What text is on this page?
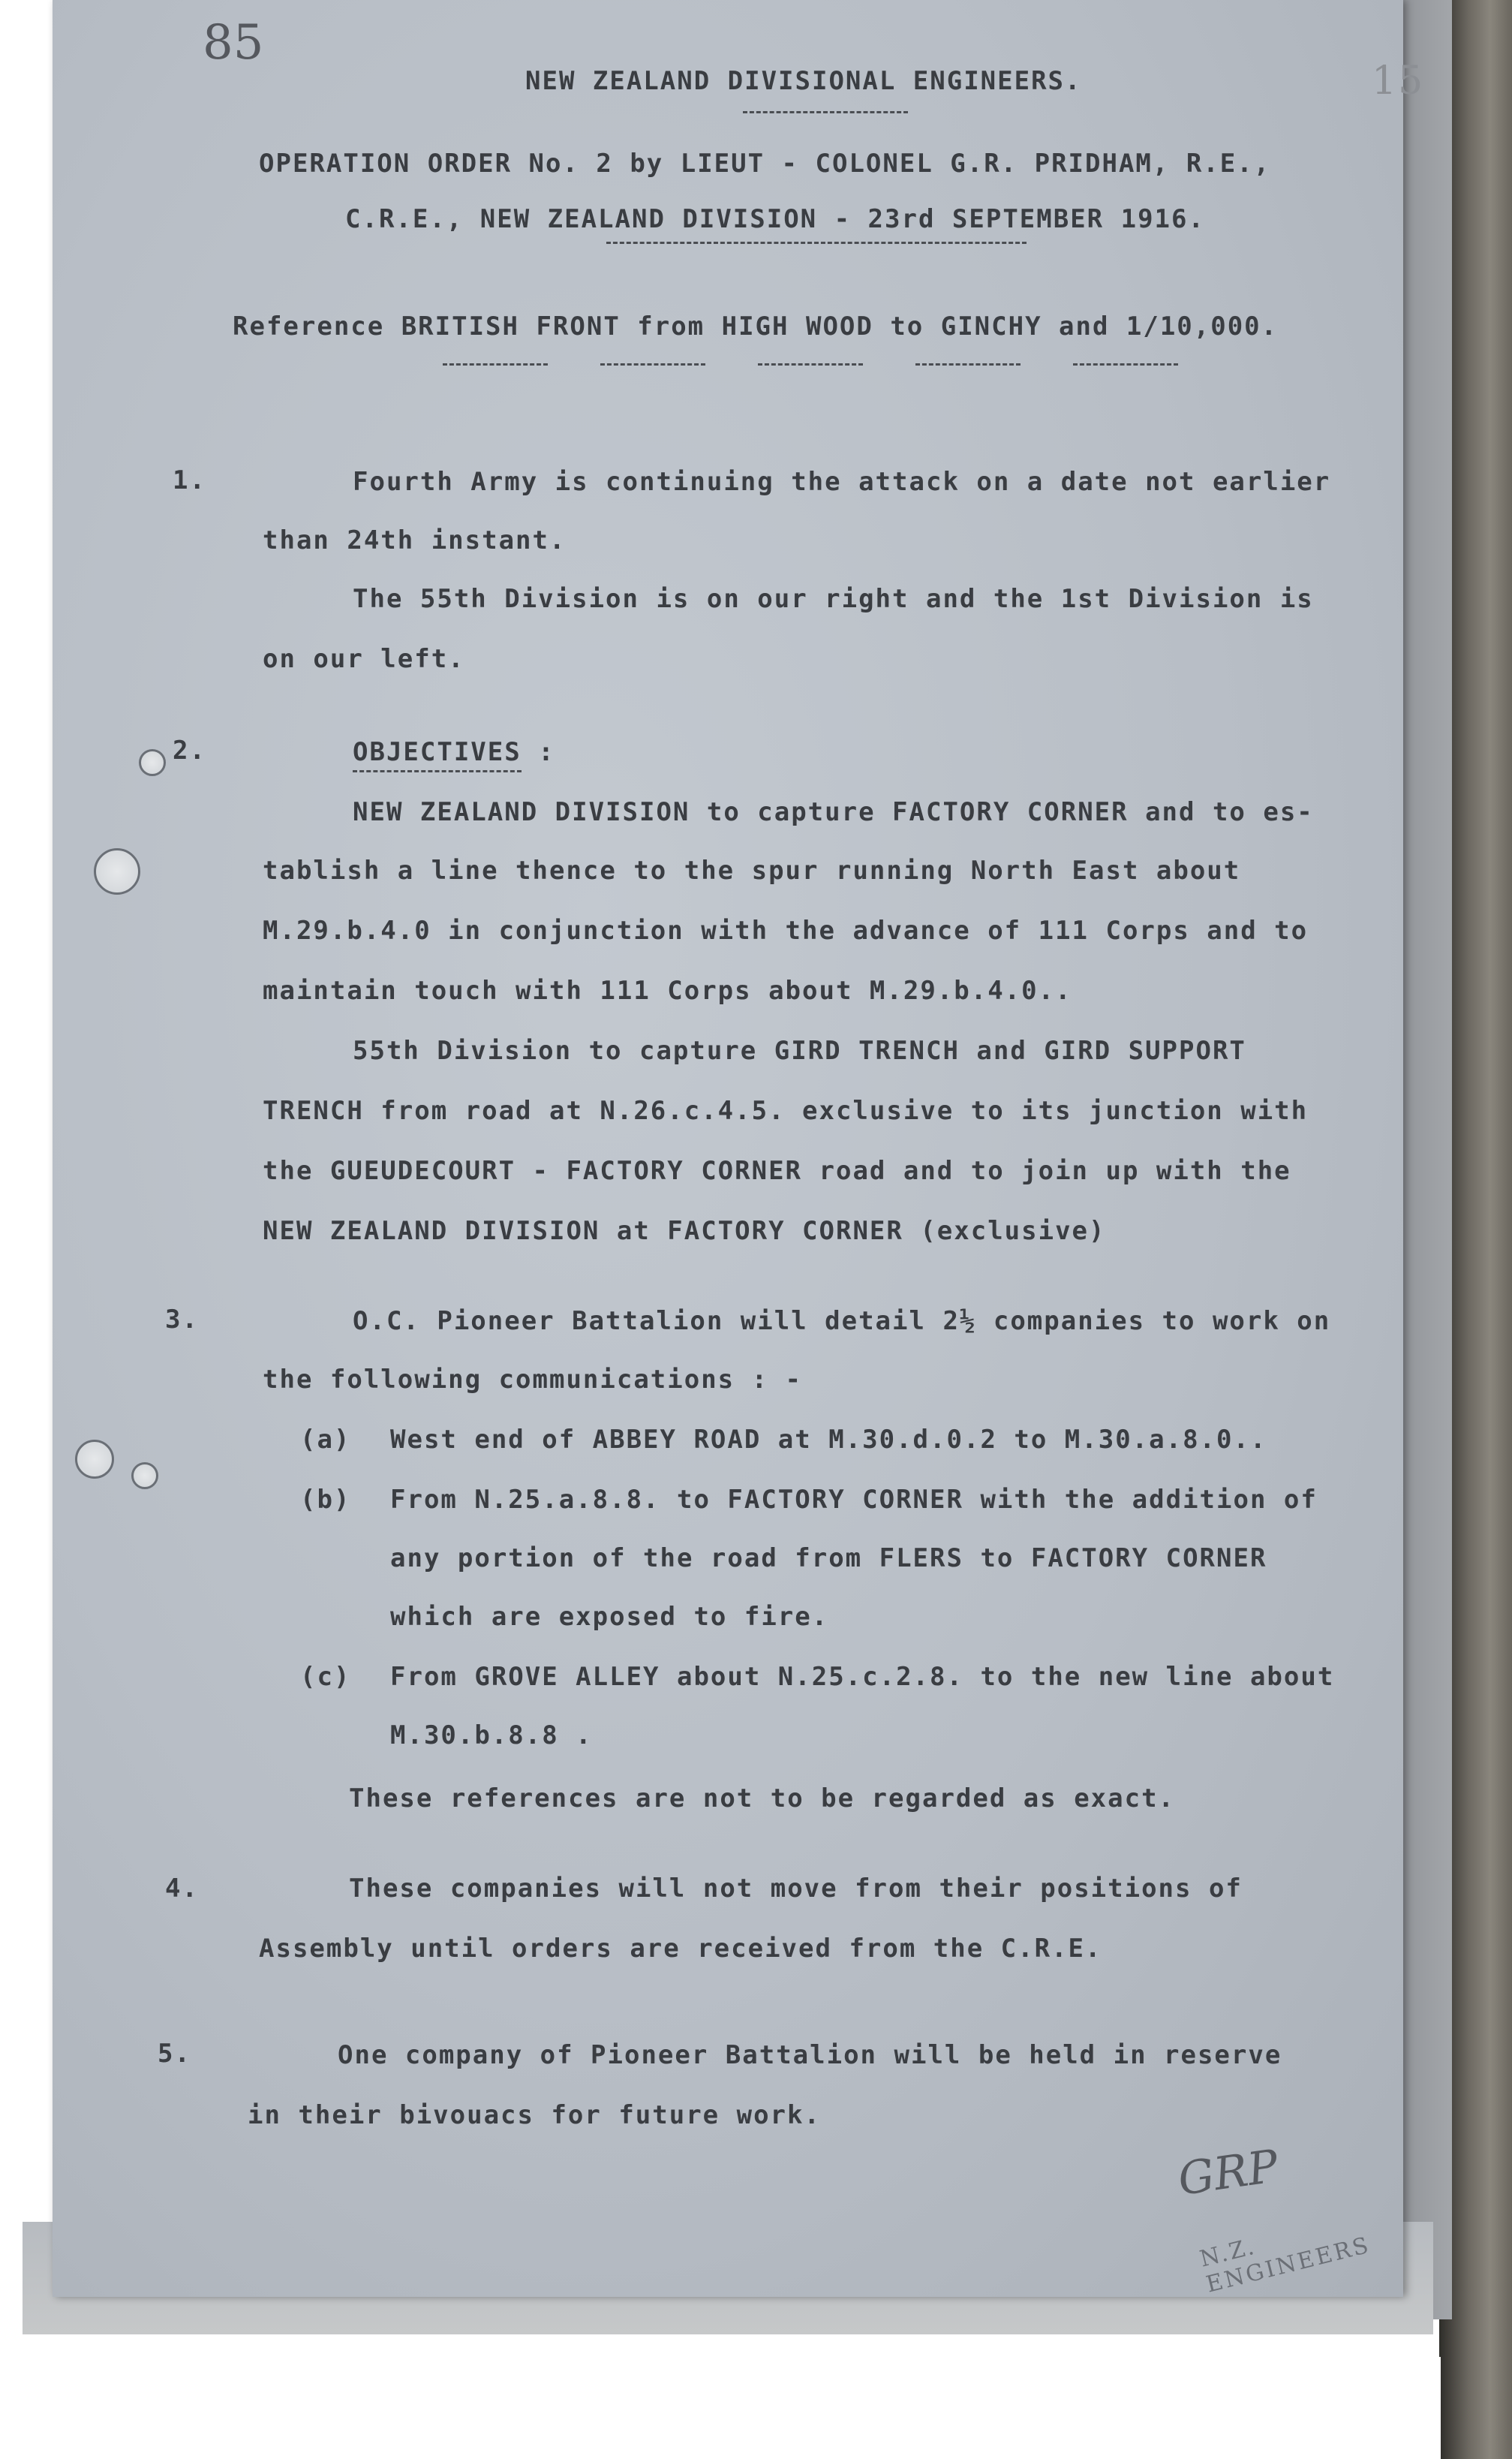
85
15
NEW ZEALAND DIVISIONAL ENGINEERS.
OPERATION ORDER No. 2 by LIEUT - COLONEL G.R. PRIDHAM, R.E.,
C.R.E., NEW ZEALAND DIVISION - 23rd SEPTEMBER 1916.
Reference BRITISH FRONT from HIGH WOOD to GINCHY and 1/10,000.
1.	Fourth Army is continuing the attack on a date not earlier
than 24th instant.
The 55th Division is on our right and the 1st Division is
on our left.
2.	OBJECTIVES :
NEW ZEALAND DIVISION to capture FACTORY CORNER and to es-
tablish a line thence to the spur running North East about
M.29.b.4.0 in conjunction with the advance of 111 Corps and to
maintain touch with 111 Corps about M.29.b.4.0..
55th Division to capture GIRD TRENCH and GIRD SUPPORT
TRENCH from road at N.26.c.4.5. exclusive to its junction with
the GUEUDECOURT - FACTORY CORNER road and to join up with the
NEW ZEALAND DIVISION at FACTORY CORNER (exclusive)
3.	O.C. Pioneer Battalion will detail 2½ companies to work on
the following communications : -
(a) West end of ABBEY ROAD at M.30.d.0.2 to M.30.a.8.0..
(b) From N.25.a.8.8. to FACTORY CORNER with the addition of
any portion of the road from FLERS to FACTORY CORNER
which are exposed to fire.
(c) From GROVE ALLEY about N.25.c.2.8. to the new line about
M.30.b.8.8 .
These references are not to be regarded as exact.
4.	These companies will not move from their positions of
Assembly until orders are received from the C.R.E.
5.	One company of Pioneer Battalion will be held in reserve
in their bivouacs for future work.
GRP
N.Z. ENGINEERS
